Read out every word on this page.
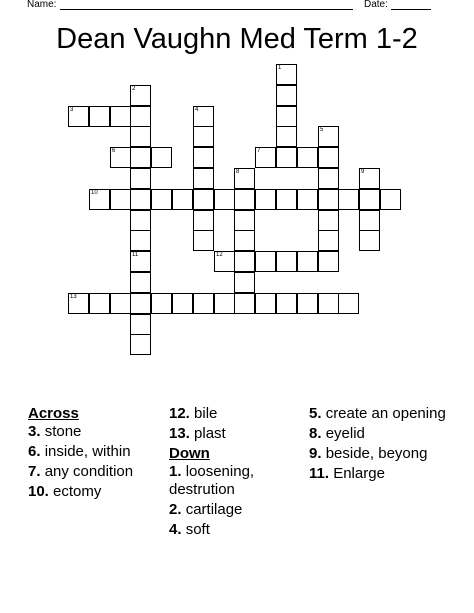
Name:	Date:
Dean Vaughn Med Term 1-2
3
6	7
10
12
13
1
2
11
4
5
8	9
Across
3. stone
6. inside, within
7. any condition
10. ectomy
12. bile
13. plast
Down
1. loosening, destrution
2. cartilage
4. soft
5. create an opening
8. eyelid
9. beside, beyong
11. Enlarge
